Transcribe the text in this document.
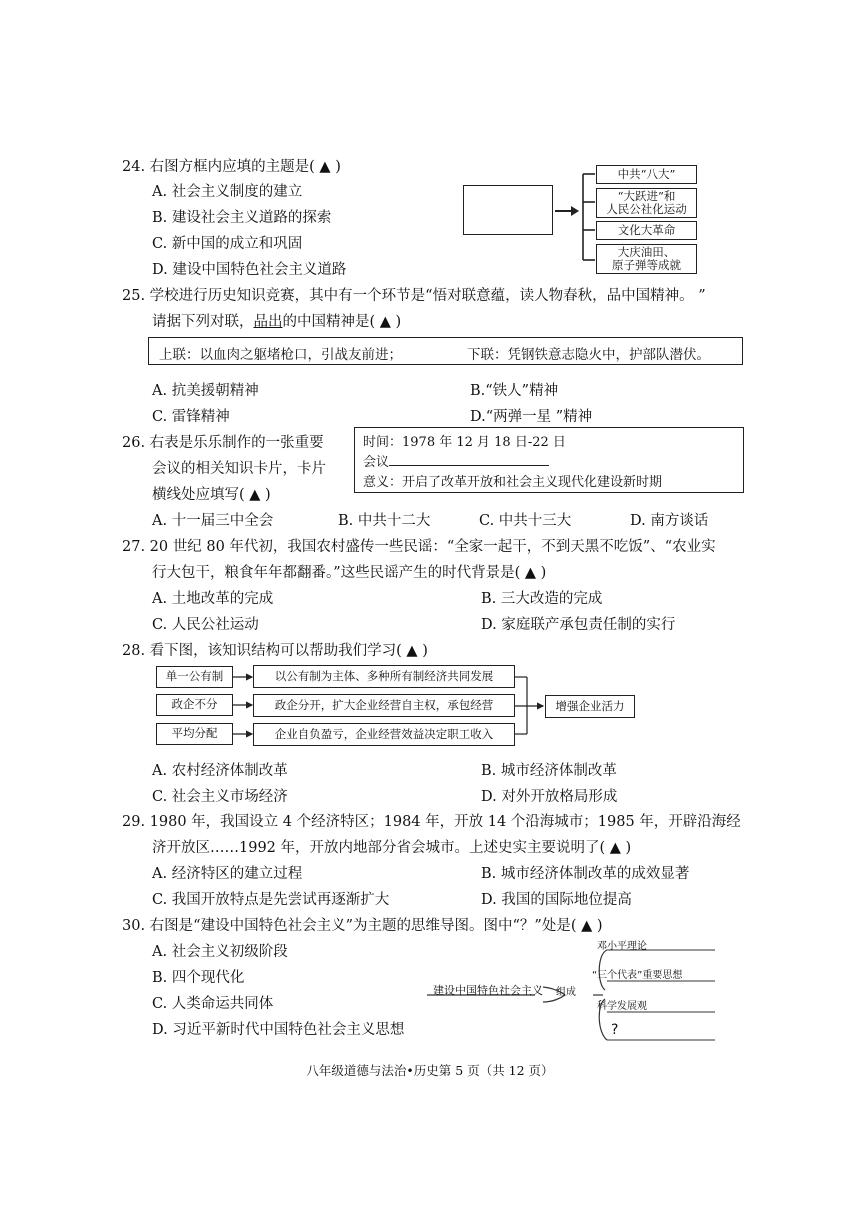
24. 右图方框内应填的主题是( ▲ )
A. 社会主义制度的建立
B. 建设社会主义道路的探索
C. 新中国的成立和巩固
D. 建设中国特色社会主义道路
中共“八大”
“大跃进”和
人民公社化运动
文化大革命
大庆油田、
原子弹等成就
25. 学校进行历史知识竞赛，其中有一个环节是“悟对联意蕴，读人物春秋，品中国精神。 ”
请据下列对联，品出的中国精神是( ▲ )
上联：以血肉之躯堵枪口，引战友前进；	下联：凭钢铁意志隐火中，护部队潜伏。
A. 抗美援朝精神	B.“铁人”精神
C. 雷锋精神	D.“两弹一星 ”精神
26. 右表是乐乐制作的一张重要
会议的相关知识卡片，卡片
横线处应填写( ▲ )
时间：1978 年 12 月 18 日-22 日
会议
意义：开启了改革开放和社会主义现代化建设新时期
A. 十一届三中全会	B. 中共十二大	C. 中共十三大	D. 南方谈话
27. 20 世纪 80 年代初，我国农村盛传一些民谣：“全家一起干，不到天黑不吃饭”、“农业实
行大包干，粮食年年都翻番。”这些民谣产生的时代背景是( ▲ )
A. 土地改革的完成	B. 三大改造的完成
C. 人民公社运动	D. 家庭联产承包责任制的实行
28. 看下图，该知识结构可以帮助我们学习( ▲ )
单一公有制
政企不分
平均分配
以公有制为主体、多种所有制经济共同发展
政企分开，扩大企业经营自主权，承包经营
企业自负盈亏，企业经营效益决定职工收入
增强企业活力
A. 农村经济体制改革	B. 城市经济体制改革
C. 社会主义市场经济	D. 对外开放格局形成
29. 1980 年，我国设立 4 个经济特区；1984 年，开放 14 个沿海城市；1985 年，开辟沿海经
济开放区……1992 年，开放内地部分省会城市。上述史实主要说明了( ▲ )
A. 经济特区的建立过程	B. 城市经济体制改革的成效显著
C. 我国开放特点是先尝试再逐渐扩大	D. 我国的国际地位提高
30. 右图是“建设中国特色社会主义”为主题的思维导图。图中“？”处是( ▲ )
A. 社会主义初级阶段
B. 四个现代化
C. 人类命运共同体
D. 习近平新时代中国特色社会主义思想
建设中国特色社会主义 组成
邓小平理论
“三个代表”重要思想
科学发展观
?
八年级道德与法治•历史第 5 页（共 12 页）
